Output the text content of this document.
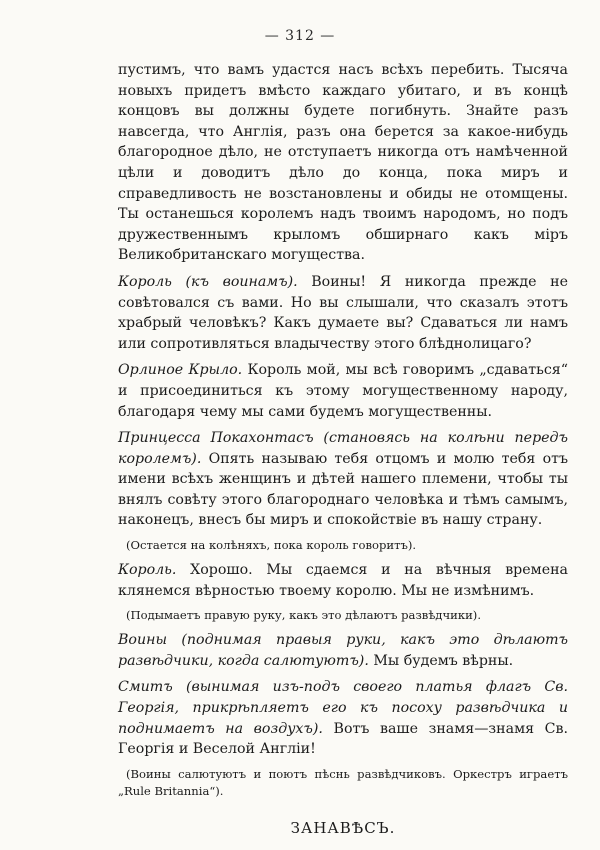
— 312 —

пустимъ, что вамъ удастся насъ всѣхъ перебить. Тысяча новыхъ придетъ вмѣсто каждаго убитаго, и въ концѣ концовъ вы должны будете погибнуть. Знайте разъ навсегда, что Англія, разъ она берется за какое-нибудь благородное дѣло, не отступаетъ никогда отъ намѣченной цѣли и доводитъ дѣло до конца, пока миръ и справедливость не возстановлены и обиды не отомщены. Ты останешься королемъ надъ твоимъ народомъ, но подъ дружественнымъ крыломъ обширнаго какъ міръ Великобританскаго могущества.

Король (къ воинамъ). Воины! Я никогда прежде не совѣтовался съ вами. Но вы слышали, что сказалъ этотъ храбрый человѣкъ? Какъ думаете вы? Сдаваться ли намъ или сопротивляться владычеству этого блѣднолицаго?

Орлиное Крыло. Король мой, мы всѣ говоримъ „сдаваться“ и присоединиться къ этому могущественному народу, благодаря чему мы сами будемъ могущественны.

Принцесса Покахонтасъ (становясь на колѣни передъ королемъ). Опять называю тебя отцомъ и молю тебя отъ имени всѣхъ женщинъ и дѣтей нашего племени, чтобы ты внялъ совѣту этого благороднаго человѣка и тѣмъ самымъ, наконецъ, внесъ бы миръ и спокойствіе въ нашу страну.

(Остается на колѣняхъ, пока король говоритъ).

Король. Хорошо. Мы сдаемся и на вѣчныя времена клянемся вѣрностью твоему королю. Мы не измѣнимъ.

(Подымаетъ правую руку, какъ это дѣлаютъ развѣдчики).

Воины (поднимая правыя руки, какъ это дѣлаютъ развѣдчики, когда салютуютъ). Мы будемъ вѣрны.

Смитъ (вынимая изъ-подъ своего платья флагъ Св. Георгія, прикрѣпляетъ его къ посоху развѣдчика и поднимаетъ на воздухъ). Вотъ ваше знамя—знамя Св. Георгія и Веселой Англіи!

(Воины салютуютъ и поютъ пѣснь развѣдчиковъ. Оркестръ играетъ „Rule Britannia“).

ЗАНАВѢСЪ.
